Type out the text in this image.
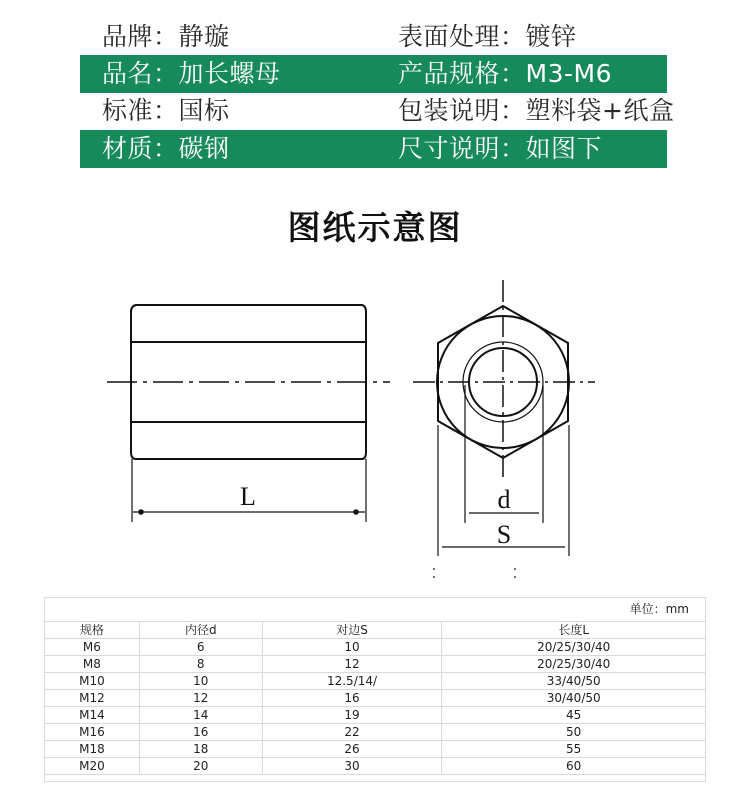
品牌：静璇	表面处理：镀锌
品名：加长螺母	产品规格：M3-M6
标准：国标	包装说明：塑料袋+纸盒
材质：碳钢	尺寸说明：如图下
图纸示意图
L	d
S
单位：mm
规格	内径d	对边S	长度L
M6	6	10	20/25/30/40
M8	8	12	20/25/30/40
M10	10	12.5/14/	33/40/50
M12	12	16	30/40/50
M14	14	19	45
M16	16	22	50
M18	18	26	55
M20	20	30	60
